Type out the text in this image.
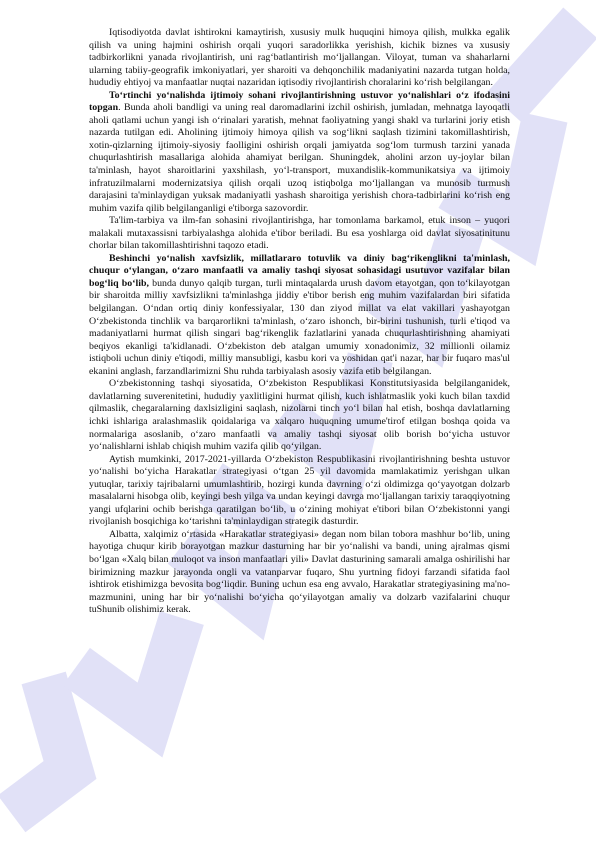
Iqtisodiyotda davlat ishtirokni kamaytirish, xususiy mulk huquqini himoya qilish, mulkka egalik qilish va uning hajmini oshirish orqali yuqori saradorlikka yerishish, kichik biznes va xususiy tadbirkorlikni yanada rivojlantirish, uni rag‘batlantirish mo‘ljallangan. Viloyat, tuman va shaharlarni ularning tabiiy-geografik imkoniyatlari, yer sharoiti va dehqonchilik madaniyatini nazarda tutgan holda, hududiy ehtiyoj va manfaatlar nuqtai nazaridan iqtisodiy rivojlantirish choralarini ko‘rish belgilangan.

To‘rtinchi yo‘nalishda ijtimoiy sohani rivojlantirishning ustuvor yo‘nalishlari o‘z ifodasini topgan. Bunda aholi bandligi va uning real daromadlarini izchil oshirish, jumladan, mehnatga layoqatli aholi qatlami uchun yangi ish o‘rinalari yaratish, mehnat faoliyatning yangi shakl va turlarini joriy etish nazarda tutilgan edi. Aholining ijtimoiy himoya qilish va sog‘likni saqlash tizimini takomillashtirish, xotin-qizlarning ijtimoiy-siyosiy faolligini oshirish orqali jamiyatda sog‘lom turmush tarzini yanada chuqurlashtirish masallariga alohida ahamiyat berilgan. Shuningdek, aholini arzon uy-joylar bilan ta'minlash, hayot sharoitlarini yaxshilash, yo‘l-transport, muxandislik-kommunikatsiya va ijtimoiy infratuzilmalarni modernizatsiya qilish orqali uzoq istiqbolga mo‘ljallangan va munosib turmush darajasini ta'minlaydigan yuksak madaniyatli yashash sharoitiga yerishish chora-tadbirlarini ko‘rish eng muhim vazifa qilib belgilanganligi e'tiborga sazovordir.

Ta'lim-tarbiya va ilm-fan sohasini rivojlantirishga, har tomonlama barkamol, etuk inson – yuqori malakali mutaxassisni tarbiyalashga alohida e'tibor beriladi. Bu esa yoshlarga oid davlat siyosatinitunu chorlar bilan takomillashtirishni taqozo etadi.

Beshinchi yo‘nalish xavfsizlik, millatlararo totuvlik va diniy bag‘rikenglikni ta'minlash, chuqur o‘ylangan, o‘zaro manfaatli va amaliy tashqi siyosat sohasidagi usutuvor vazifalar bilan bog‘liq bo‘lib, bunda dunyo qalqib turgan, turli mintaqalarda urush davom etayotgan, qon to‘kilayotgan bir sharoitda milliy xavfsizlikni ta'minlashga jiddiy e'tibor berish eng muhim vazifalardan biri sifatida belgilangan. O‘ndan ortiq diniy konfessiyalar, 130 dan ziyod millat va elat vakillari yashayotgan O‘zbekistonda tinchlik va barqarorlikni ta'minlash, o‘zaro ishonch, bir-birini tushunish, turli e'tiqod va madaniyatlarni hurmat qilish singari bag‘rikenglik fazlatlarini yanada chuqurlashtirishning ahamiyati beqiyos ekanligi ta'kidlanadi. O‘zbekiston deb atalgan umumiy xonadonimiz, 32 millionli oilamiz istiqboli uchun diniy e'tiqodi, milliy mansubligi, kasbu kori va yoshidan qat'i nazar, har bir fuqaro mas'ul ekanini anglash, farzandlarimizni Shu ruhda tarbiyalash asosiy vazifa etib belgilangan.

O‘zbekistonning tashqi siyosatida, O‘zbekiston Respublikasi Konstitutsiyasida belgilanganidek, davlatlarning suverenitetini, hududiy yaxlitligini hurmat qilish, kuch ishlatmaslik yoki kuch bilan taxdid qilmaslik, chegaralarning daxlsizligini saqlash, nizolarni tinch yo‘l bilan hal etish, boshqa davlatlarning ichki ishlariga aralashmaslik qoidalariga va xalqaro huquqning umume'tirof etilgan boshqa qoida va normalariga asoslanib, o‘zaro manfaatli va amaliy tashqi siyosat olib borish bo‘yicha ustuvor yo‘nalishlarni ishlab chiqish muhim vazifa qilib qo‘yilgan.

Aytish mumkinki, 2017-2021-yillarda O‘zbekiston Respublikasini rivojlantirishning beshta ustuvor yo‘nalishi bo‘yicha Harakatlar strategiyasi o‘tgan 25 yil davomida mamlakatimiz yerishgan ulkan yutuqlar, tarixiy tajribalarni umumlashtirib, hozirgi kunda davrning o‘zi oldimizga qo‘yayotgan dolzarb masalalarni hisobga olib, keyingi besh yilga va undan keyingi davrga mo‘ljallangan tarixiy taraqqiyotning yangi ufqlarini ochib berishga qaratilgan bo‘lib, u o‘zining mohiyat e'tibori bilan O‘zbekistonni yangi rivojlanish bosqichiga ko‘tarishni ta'minlaydigan strategik dasturdir.

Albatta, xalqimiz o‘rtasida «Harakatlar strategiyasi» degan nom bilan tobora mashhur bo‘lib, uning hayotiga chuqur kirib borayotgan mazkur dasturning har bir yo‘nalishi va bandi, uning ajralmas qismi bo‘lgan «Xalq bilan muloqot va inson manfaatlari yili» Davlat dasturining samarali amalga oshirilishi har birimizning mazkur jarayonda ongli va vatanparvar fuqaro, Shu yurtning fidoyi farzandi sifatida faol ishtirok etishimizga bevosita bog‘liqdir. Buning uchun esa eng avvalo, Harakatlar strategiyasining ma'no-mazmunini, uning har bir yo‘nalishi bo‘yicha qo‘yilayotgan amaliy va dolzarb vazifalarini chuqur tuShunib olishimiz kerak.
